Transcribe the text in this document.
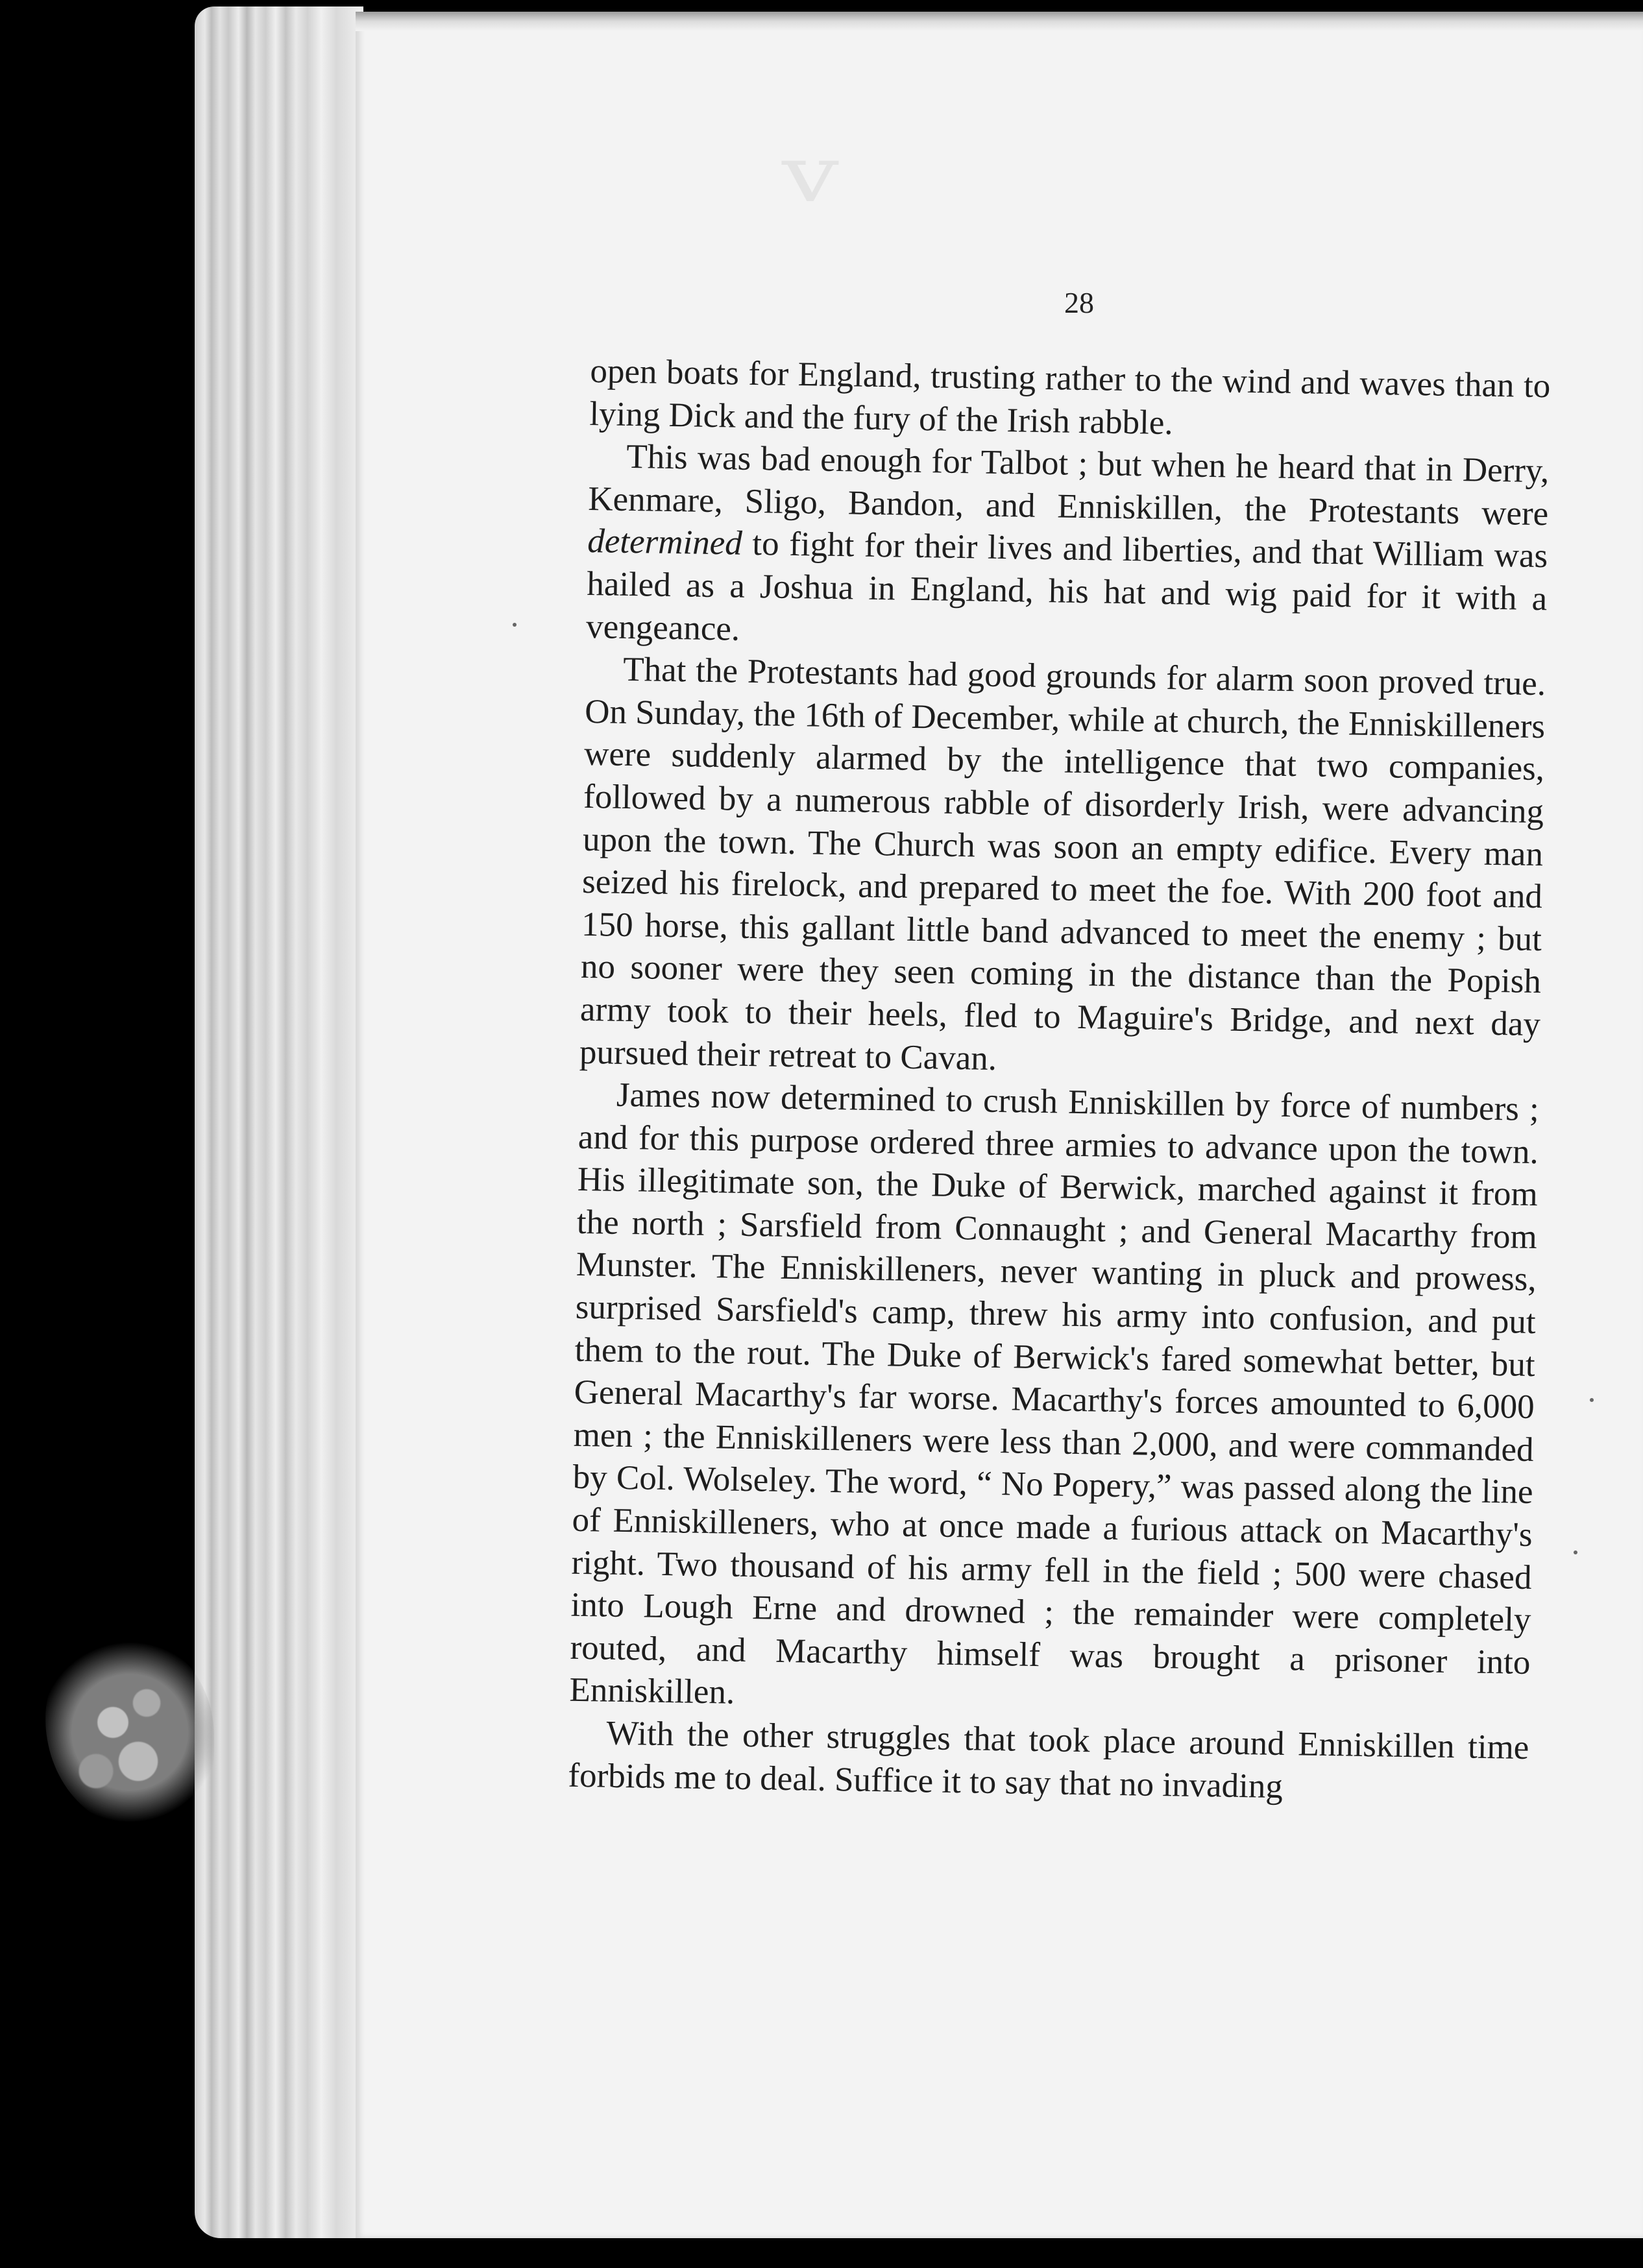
v
28

open boats for England, trusting rather to the wind and waves than to lying Dick and the fury of the Irish rabble.

This was bad enough for Talbot ; but when he heard that in Derry, Kenmare, Sligo, Bandon, and Enniskillen, the Protestants were determined to fight for their lives and liberties, and that William was hailed as a Joshua in England, his hat and wig paid for it with a vengeance.

That the Protestants had good grounds for alarm soon proved true. On Sunday, the 16th of December, while at church, the Enniskilleners were suddenly alarmed by the intelligence that two companies, followed by a numerous rabble of disorderly Irish, were advancing upon the town. The Church was soon an empty edifice. Every man seized his firelock, and prepared to meet the foe. With 200 foot and 150 horse, this gallant little band advanced to meet the enemy ; but no sooner were they seen coming in the distance than the Popish army took to their heels, fled to Maguire's Bridge, and next day pursued their retreat to Cavan.

James now determined to crush Enniskillen by force of numbers ; and for this purpose ordered three armies to advance upon the town. His illegitimate son, the Duke of Berwick, marched against it from the north ; Sarsfield from Connaught ; and General Macarthy from Munster. The Enniskilleners, never wanting in pluck and prowess, surprised Sarsfield's camp, threw his army into confusion, and put them to the rout. The Duke of Berwick's fared somewhat better, but General Macarthy's far worse. Macarthy's forces amounted to 6,000 men ; the Enniskilleners were less than 2,000, and were commanded by Col. Wolseley. The word, “ No Popery,” was passed along the line of Enniskilleners, who at once made a furious attack on Macarthy's right. Two thousand of his army fell in the field ; 500 were chased into Lough Erne and drowned ; the remainder were completely routed, and Macarthy himself was brought a prisoner into Enniskillen.

With the other struggles that took place around Enniskillen time forbids me to deal. Suffice it to say that no invading
